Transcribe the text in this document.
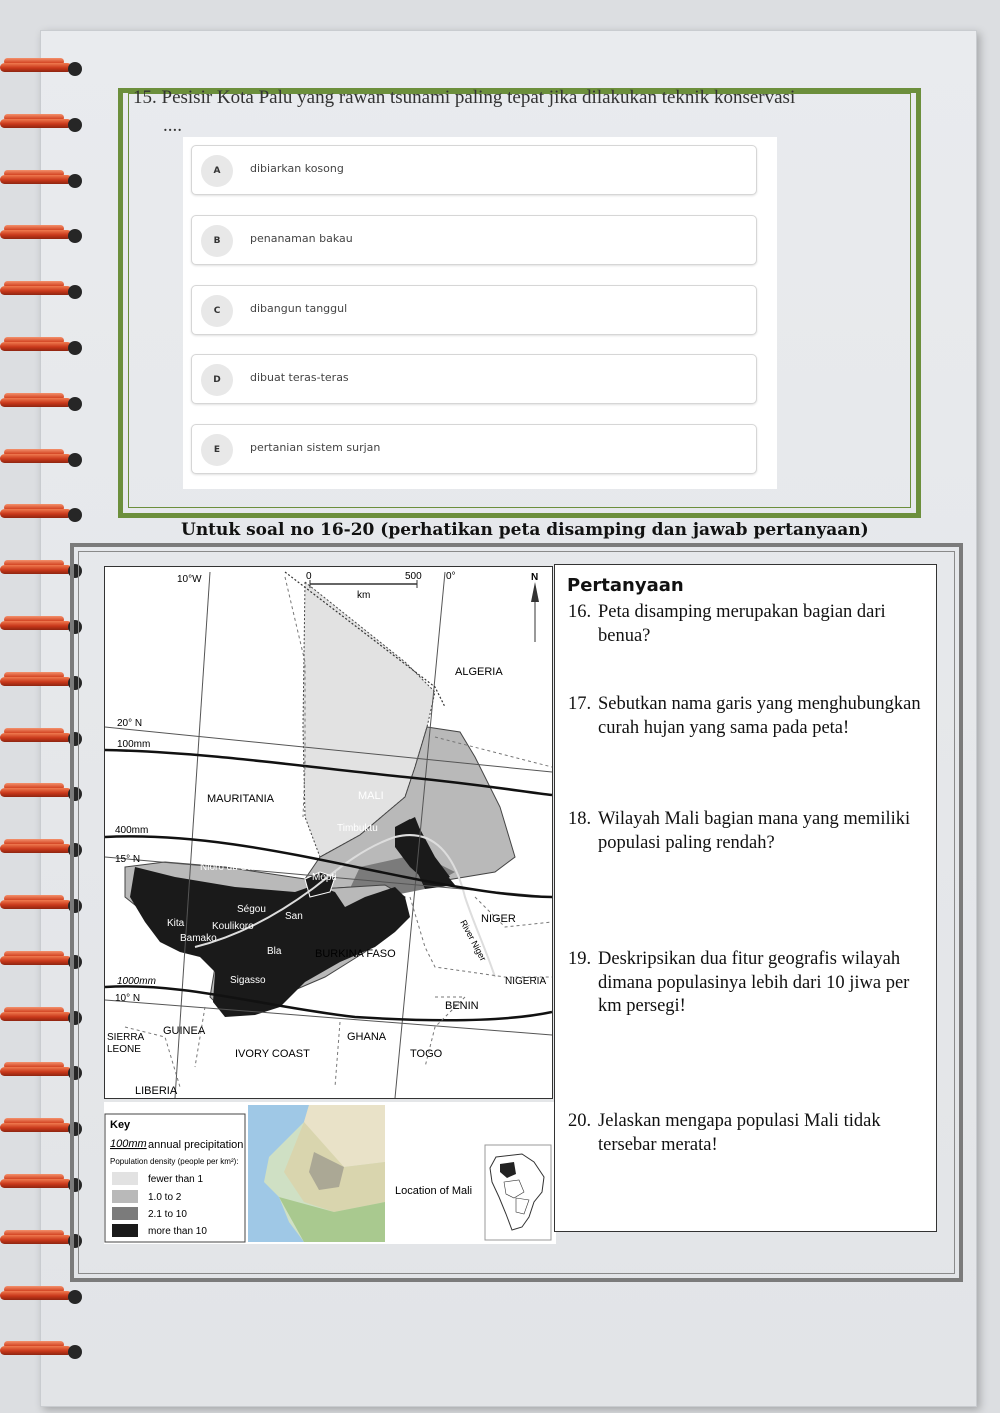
15. Pesisir Kota Palu yang rawan tsunami paling tepat jika dilakukan teknik konservasi
....
A	dibiarkan kosong
B	penanaman bakau
C	dibangun tanggul
D	dibuat teras-teras
E	pertanian sistem surjan
Untuk soal no 16-20 (perhatikan peta disamping dan jawab pertanyaan)
10°W	0	500
km
0°	N
20° N
100mm
400mm
15° N
1000mm
10° N
ALGERIA
MAURITANIA	MALI
NIGER
BURKINA FASO
NIGERIA
BENIN
GHANA
TOGO
IVORY COAST
GUINEA
SIERRA
LEONE
LIBERIA
Timbuktu
Nioro du Sahel
Mopti
Ségou
Kita	Koulikoro
Bamako
San
Bla
Sigasso
River Niger
Key
100mm annual precipitation
Population density (people per km²):
fewer than 1
1.0 to 2
2.1 to 10
more than 10
Location of Mali
Pertanyaan
16. Peta disamping merupakan bagian dari benua?
17. Sebutkan nama garis yang menghubungkan curah hujan yang sama pada peta!
18. Wilayah Mali bagian mana yang memiliki populasi paling rendah?
19. Deskripsikan dua fitur geografis wilayah dimana populasinya lebih dari 10 jiwa per km persegi!
20. Jelaskan mengapa populasi Mali tidak tersebar merata!
